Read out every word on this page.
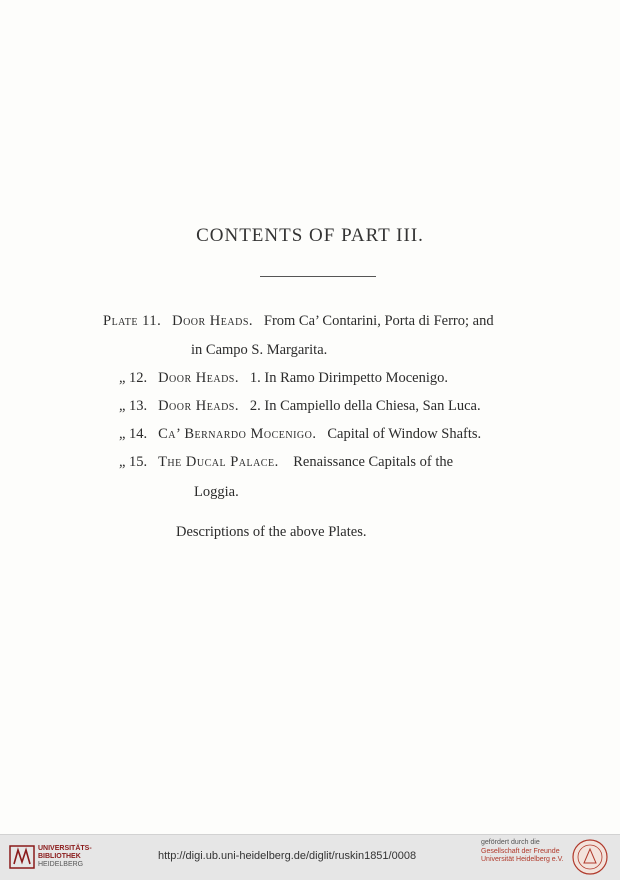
CONTENTS OF PART III.
Plate 11. Door Heads. From Ca’ Contarini, Porta di Ferro; and
in Campo S. Margarita.
„ 12. Door Heads. 1. In Ramo Dirimpetto Mocenigo.
„ 13. Door Heads. 2. In Campiello della Chiesa, San Luca.
„ 14. Ca’ Bernardo Mocenigo. Capital of Window Shafts.
„ 15. The Ducal Palace. Renaissance Capitals of the
Loggia.
Descriptions of the above Plates.
UNIVERSITÄTS-
BIBLIOTHEK
HEIDELBERG
http://digi.ub.uni-heidelberg.de/diglit/ruskin1851/0008
gefördert durch die

Gesellschaft der Freunde
Universität Heidelberg e.V.
